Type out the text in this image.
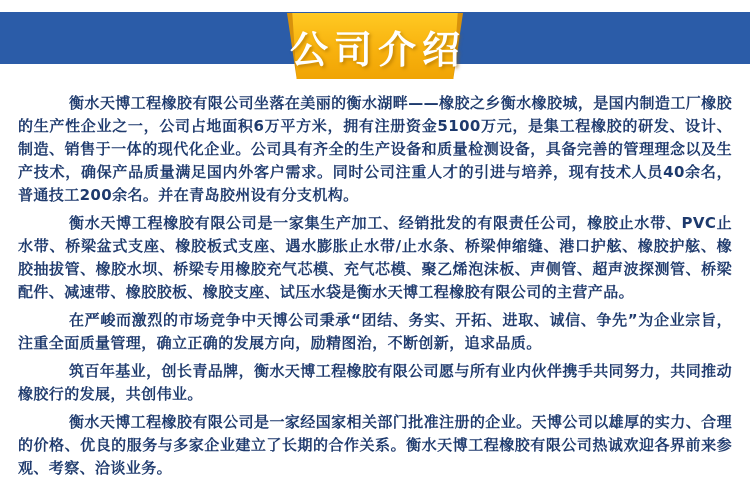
公司介绍

衡水天博工程橡胶有限公司坐落在美丽的衡水湖畔——橡胶之乡衡水橡胶城，是国内制造工厂橡胶的生产性企业之一，公司占地面积6万平方米，拥有注册资金5100万元，是集工程橡胶的研发、设计、制造、销售于一体的现代化企业。公司具有齐全的生产设备和质量检测设备，具备完善的管理理念以及生产技术，确保产品质量满足国内外客户需求。同时公司注重人才的引进与培养，现有技术人员40余名，普通技工200余名。并在青岛胶州设有分支机构。

衡水天博工程橡胶有限公司是一家集生产加工、经销批发的有限责任公司，橡胶止水带、PVC止水带、桥梁盆式支座、橡胶板式支座、遇水膨胀止水带/止水条、桥梁伸缩缝、港口护舷、橡胶护舷、橡胶抽拔管、橡胶水坝、桥梁专用橡胶充气芯模、充气芯模、聚乙烯泡沫板、声侧管、超声波探测管、桥梁配件、减速带、橡胶胶板、橡胶支座、试压水袋是衡水天博工程橡胶有限公司的主营产品。

在严峻而激烈的市场竞争中天博公司秉承“团结、务实、开拓、进取、诚信、争先”为企业宗旨，注重全面质量管理，确立正确的发展方向，励精图治，不断创新，追求品质。

筑百年基业，创长青品牌，衡水天博工程橡胶有限公司愿与所有业内伙伴携手共同努力，共同推动橡胶行的发展，共创伟业。

衡水天博工程橡胶有限公司是一家经国家相关部门批准注册的企业。天博公司以雄厚的实力、合理的价格、优良的服务与多家企业建立了长期的合作关系。衡水天博工程橡胶有限公司热诚欢迎各界前来参观、考察、洽谈业务。
